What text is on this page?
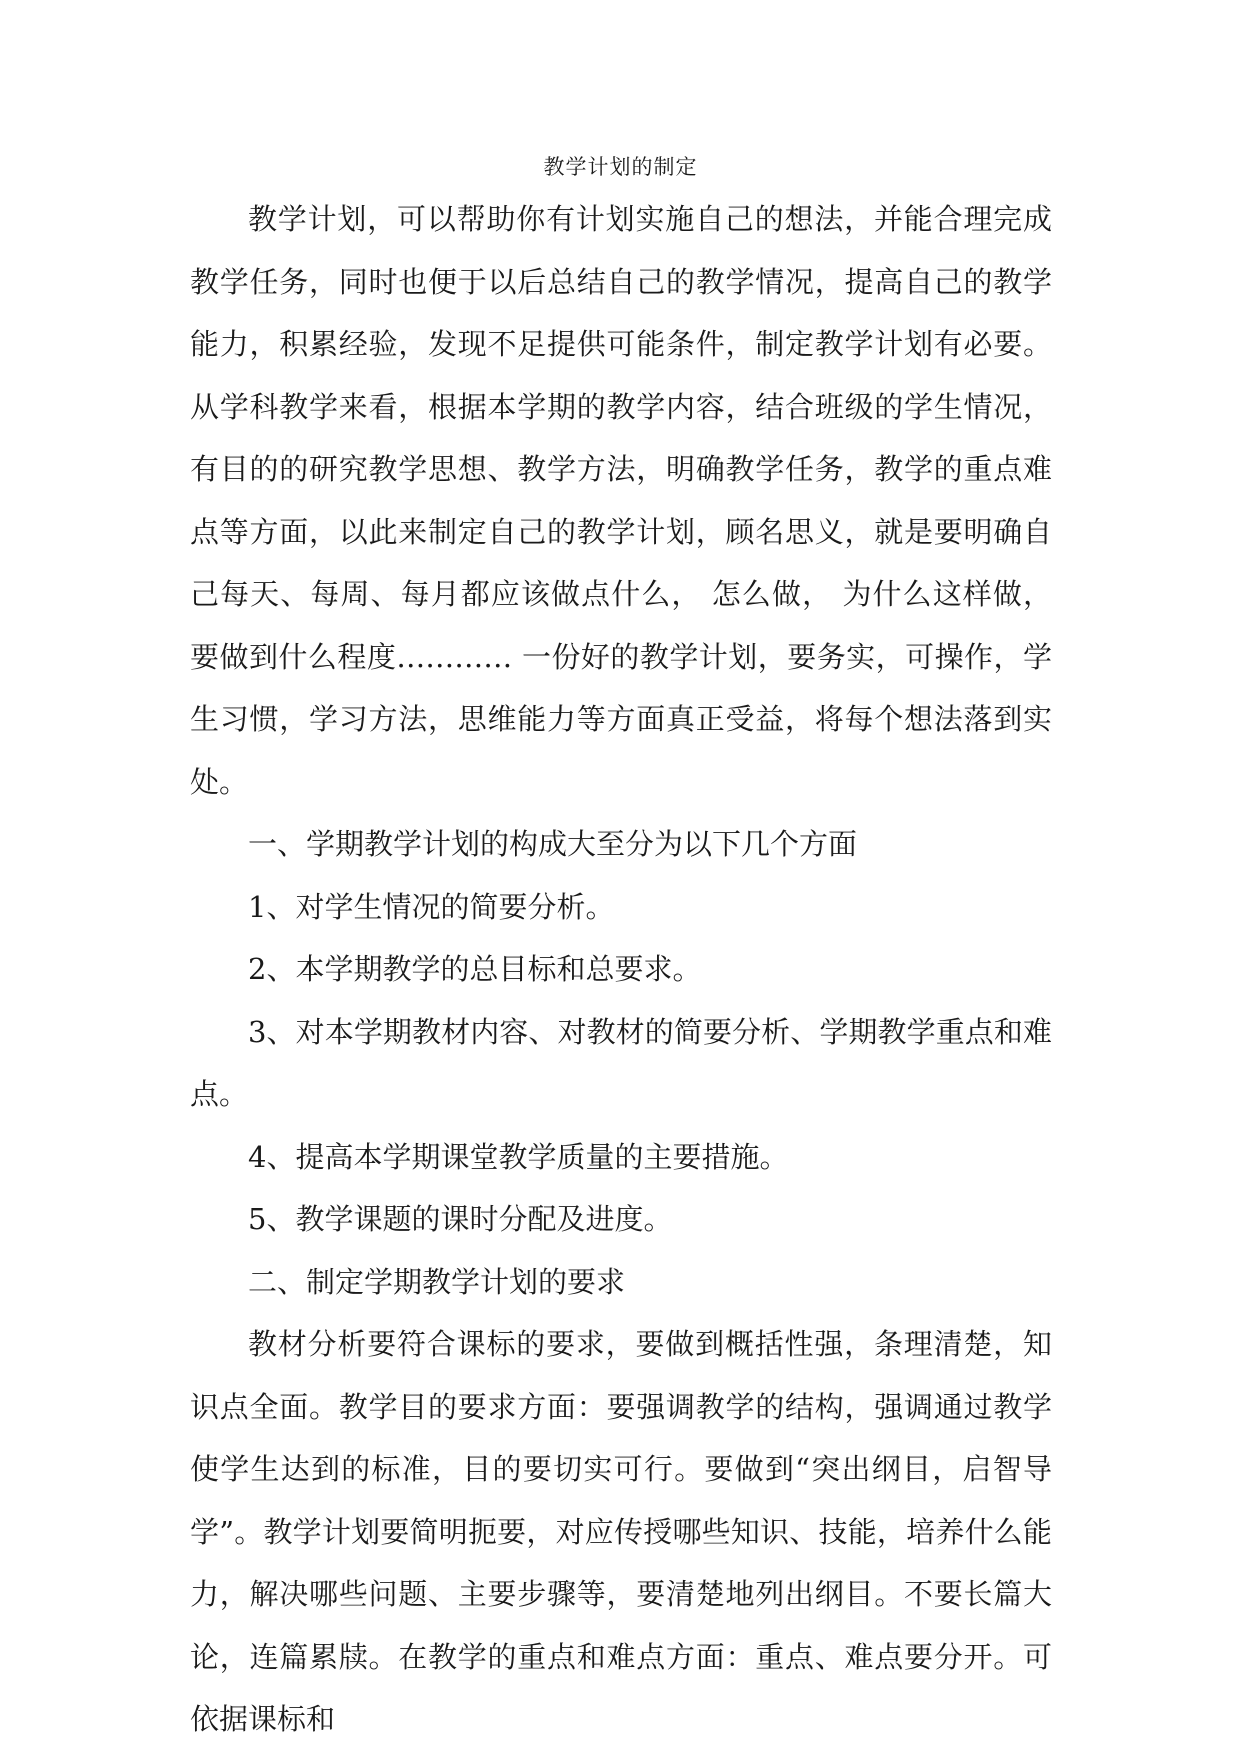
教学计划的制定

教学计划，可以帮助你有计划实施自己的想法，并能合理完成教学任务，同时也便于以后总结自己的教学情况，提高自己的教学能力，积累经验，发现不足提供可能条件，制定教学计划有必要。 从学科教学来看，根据本学期的教学内容，结合班级的学生情况，有目的的研究教学思想、教学方法，明确教学任务，教学的重点难点等方面，以此来制定自己的教学计划，顾名思义，就是要明确自己每天、每周、每月都应该做点什么， 怎么做， 为什么这样做， 要做到什么程度………… 一份好的教学计划，要务实，可操作，学生习惯，学习方法，思维能力等方面真正受益，将每个想法落到实处。

一、学期教学计划的构成大至分为以下几个方面

1、对学生情况的简要分析。

2、本学期教学的总目标和总要求。

3、对本学期教材内容、对教材的简要分析、学期教学重点和难点。

4、提高本学期课堂教学质量的主要措施。

5、教学课题的课时分配及进度。

二、制定学期教学计划的要求

教材分析要符合课标的要求，要做到概括性强，条理清楚，知识点全面。教学目的要求方面：要强调教学的结构，强调通过教学使学生达到的标准，目的要切实可行。要做到“突出纲目，启智导学”。教学计划要简明扼要，对应传授哪些知识、技能，培养什么能力，解决哪些问题、主要步骤等，要清楚地列出纲目。不要长篇大论，连篇累牍。在教学的重点和难点方面：重点、难点要分开。可依据课标和
